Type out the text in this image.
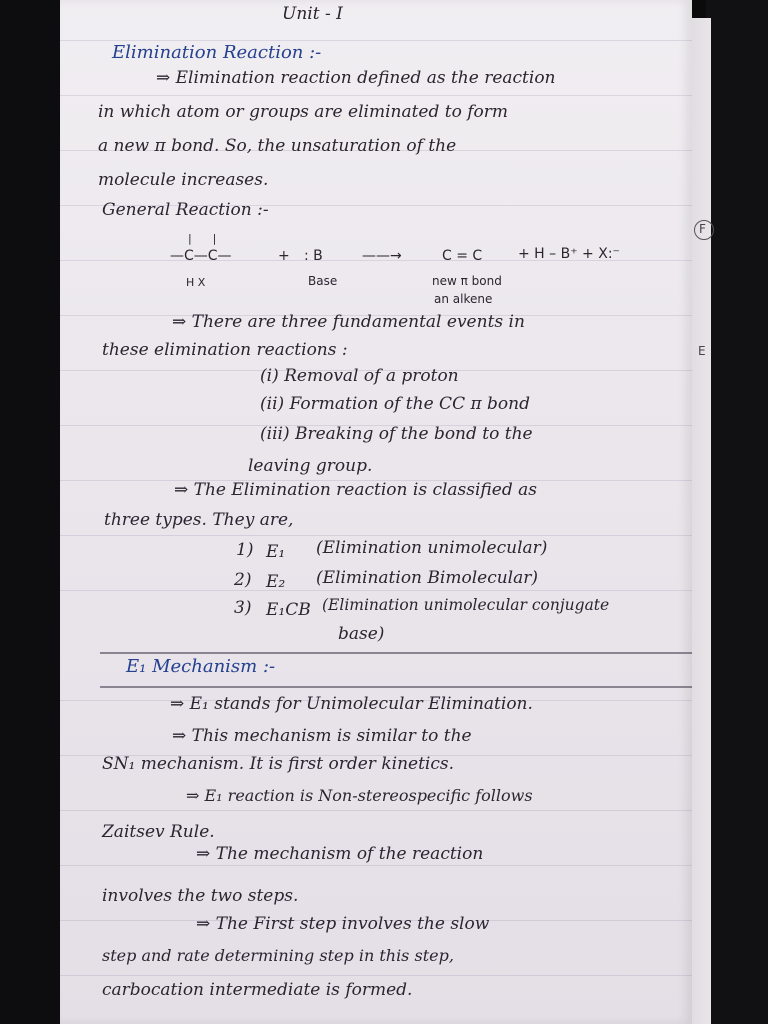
Unit - I
Elimination Reaction :-
⇒ Elimination reaction defined as the reaction
in which atom or groups are eliminated to form
a new π bond. So, the unsaturation of the
molecule increases.
General Reaction :-
—C—C—
|      |
H X
+ : B
Base
——→	C = C	+ H – B⁺ + X:⁻
new π bond
an alkene
⇒ There are three fundamental events in
these elimination reactions :
(i) Removal of a proton
(ii) Formation of the CC π bond
(iii) Breaking of the bond to the
leaving group.
⇒ The Elimination reaction is classified as
three types. They are,
1) E₁ (Elimination unimolecular)
2) E₂ (Elimination Bimolecular)
3) E₁CB (Elimination unimolecular conjugate
base)
E₁ Mechanism :-
⇒ E₁ stands for Unimolecular Elimination.
⇒ This mechanism is similar to the
SN₁ mechanism. It is first order kinetics.
⇒ E₁ reaction is Non-stereospecific follows
Zaitsev Rule.
⇒ The mechanism of the reaction
involves the two steps.
⇒ The First step involves the slow
step and rate determining step in this step,
carbocation intermediate is formed.
F
E
